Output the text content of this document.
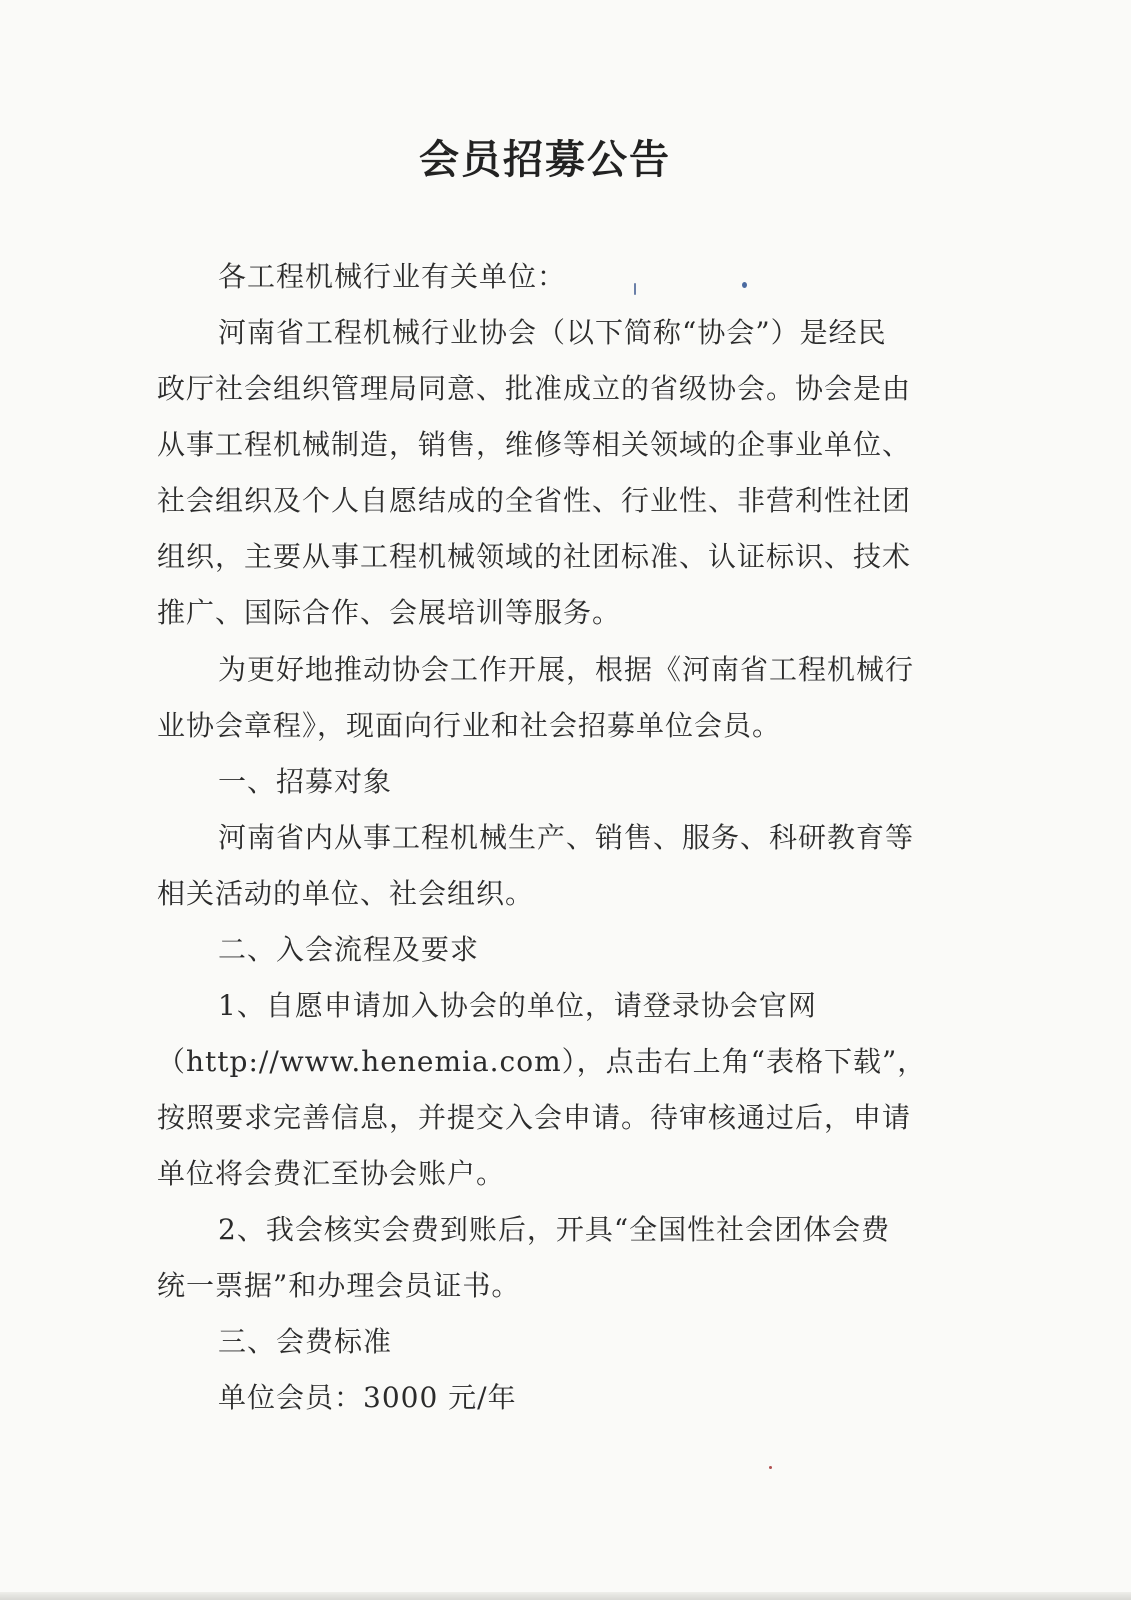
会员招募公告
各工程机械行业有关单位：
河南省工程机械行业协会（以下简称“协会”）是经民
政厅社会组织管理局同意、批准成立的省级协会。协会是由
从事工程机械制造，销售，维修等相关领域的企事业单位、
社会组织及个人自愿结成的全省性、行业性、非营利性社团
组织，主要从事工程机械领域的社团标准、认证标识、技术
推广、国际合作、会展培训等服务。
为更好地推动协会工作开展，根据《河南省工程机械行
业协会章程》，现面向行业和社会招募单位会员。
一、招募对象
河南省内从事工程机械生产、销售、服务、科研教育等
相关活动的单位、社会组织。
二、入会流程及要求
1、自愿申请加入协会的单位，请登录协会官网
（http://www.henemia.com），点击右上角“表格下载”，
按照要求完善信息，并提交入会申请。待审核通过后，申请
单位将会费汇至协会账户。
2、我会核实会费到账后，开具“全国性社会团体会费
统一票据”和办理会员证书。
三、会费标准
单位会员：3000 元/年
